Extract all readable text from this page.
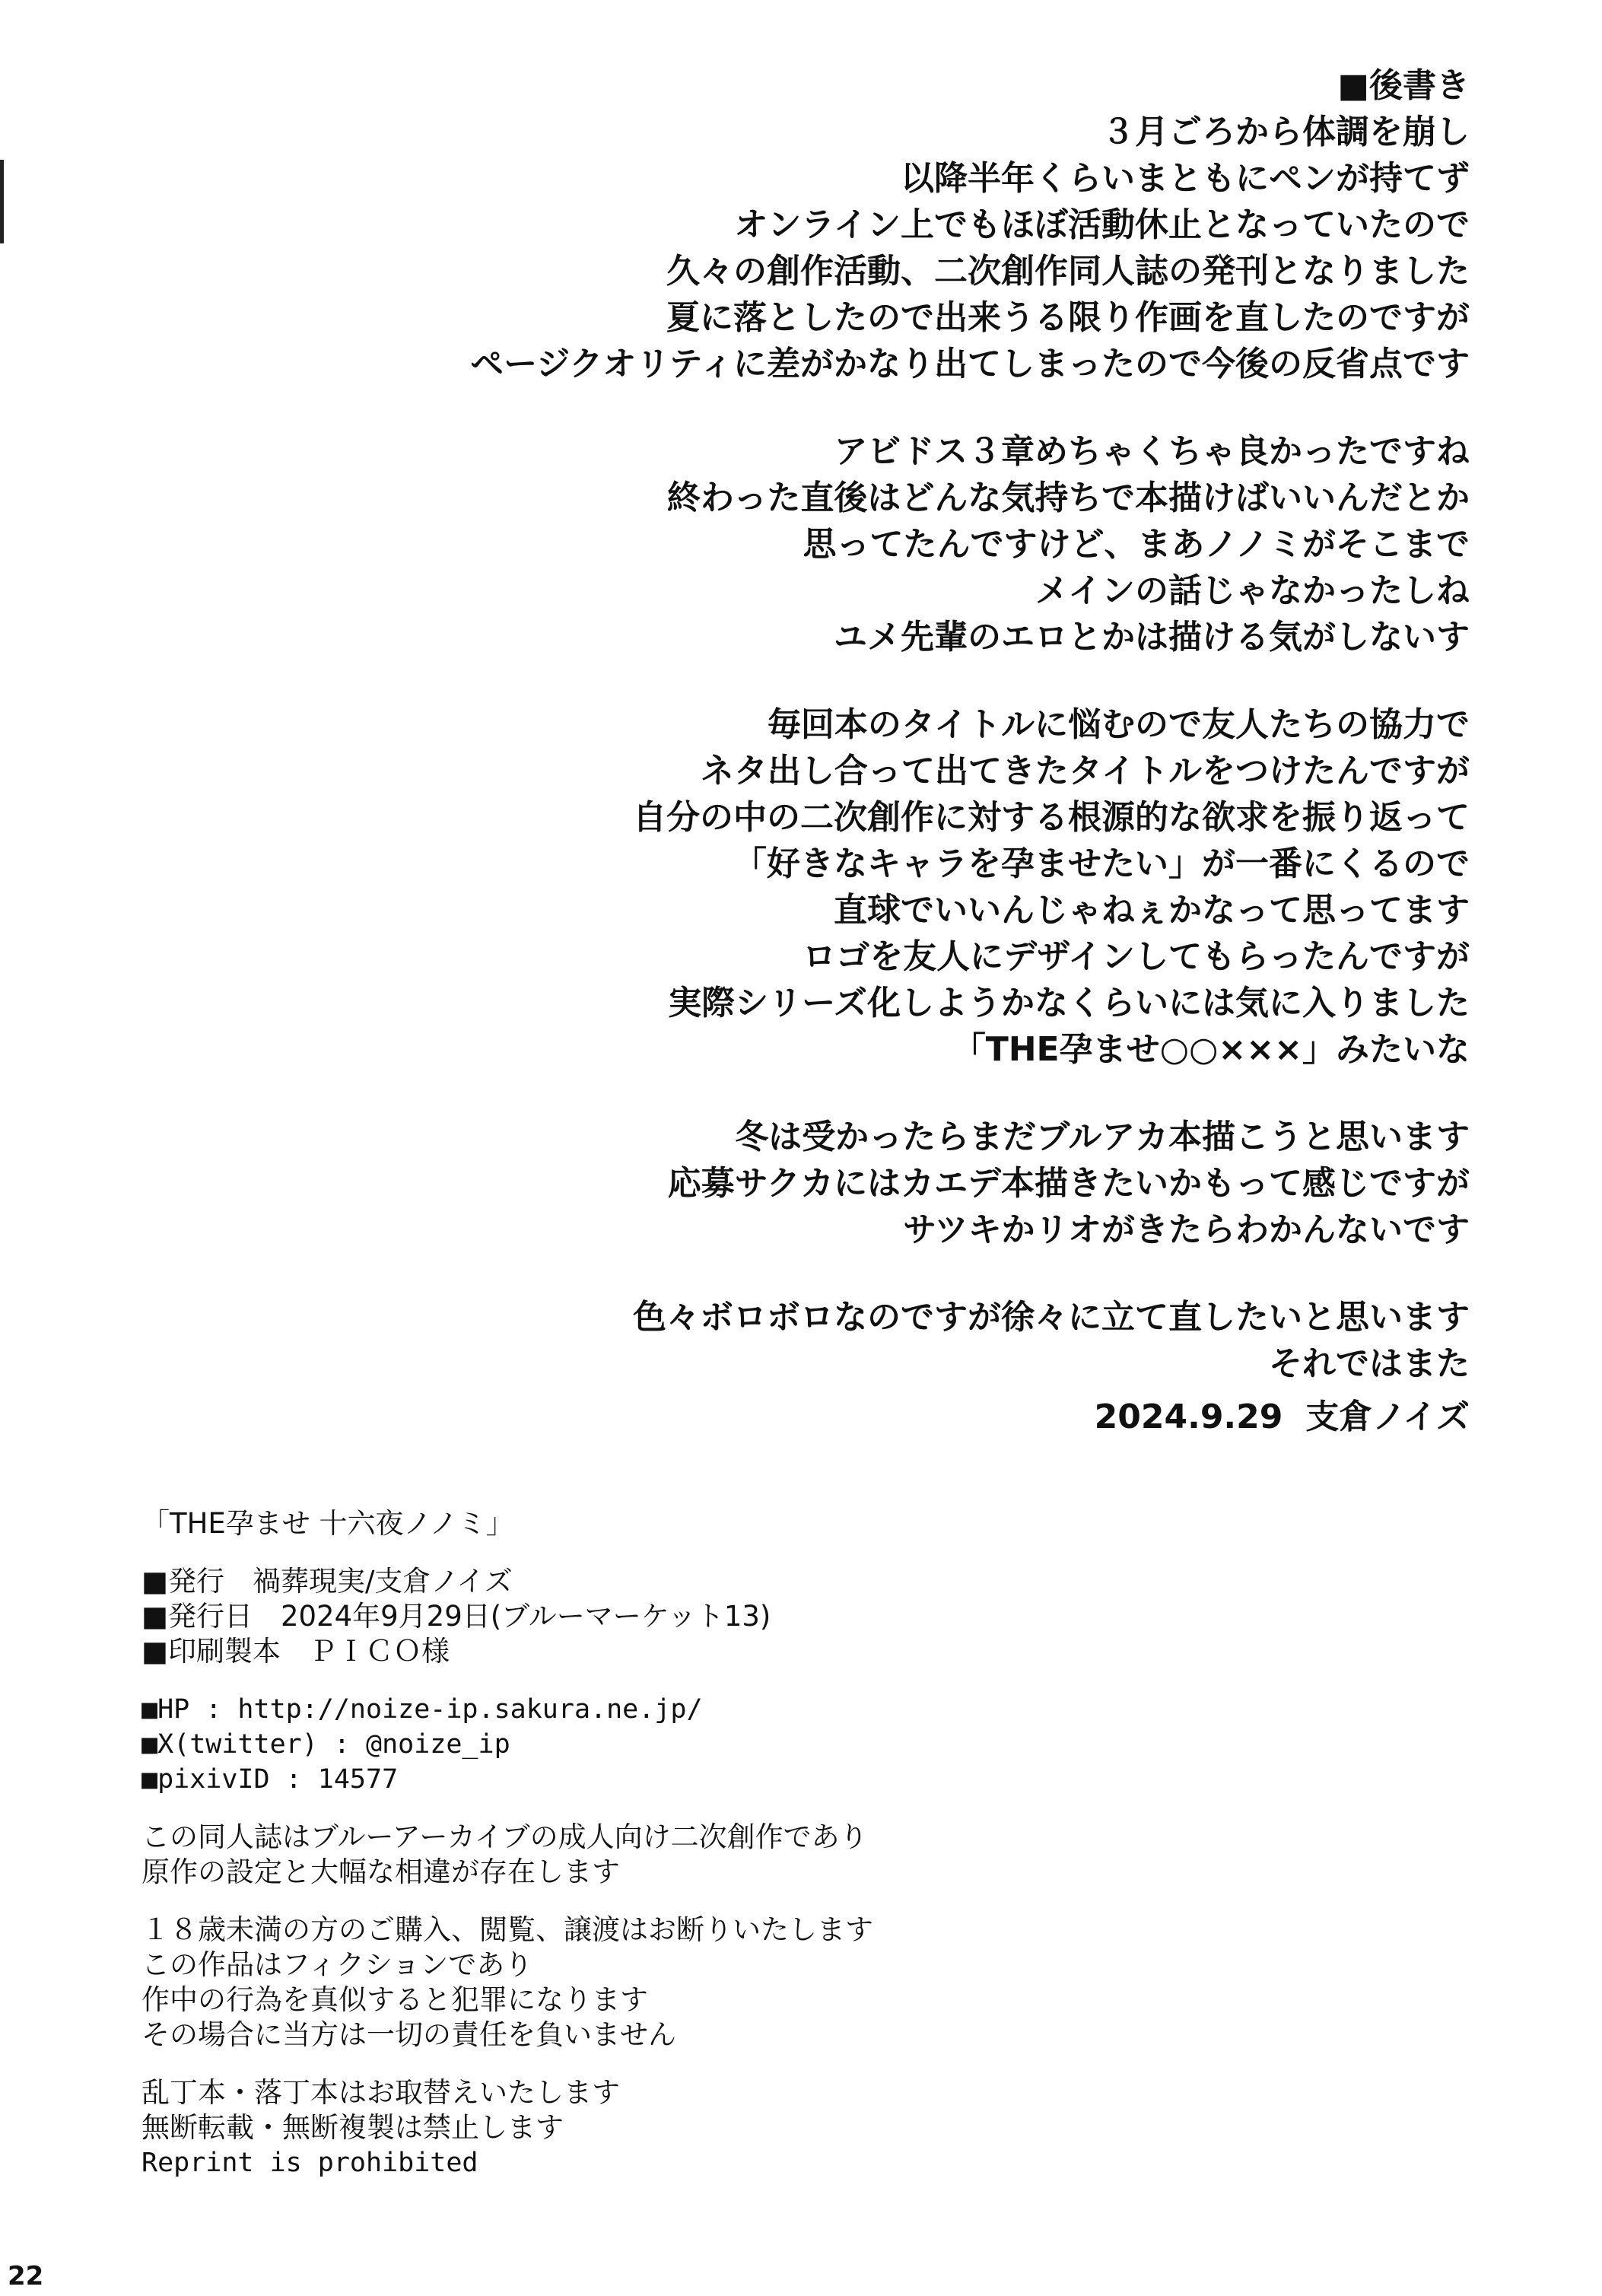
■後書き
３月ごろから体調を崩し
以降半年くらいまともにペンが持てず
オンライン上でもほぼ活動休止となっていたので
久々の創作活動、二次創作同人誌の発刊となりました
夏に落としたので出来うる限り作画を直したのですが
ページクオリティに差がかなり出てしまったので今後の反省点です
アビドス３章めちゃくちゃ良かったですね
終わった直後はどんな気持ちで本描けばいいんだとか
思ってたんですけど、まあノノミがそこまで
メインの話じゃなかったしね
ユメ先輩のエロとかは描ける気がしないす
毎回本のタイトルに悩むので友人たちの協力で
ネタ出し合って出てきたタイトルをつけたんですが
自分の中の二次創作に対する根源的な欲求を振り返って
「好きなキャラを孕ませたい」が一番にくるので
直球でいいんじゃねぇかなって思ってます
ロゴを友人にデザインしてもらったんですが
実際シリーズ化しようかなくらいには気に入りました
「THE孕ませ○○×××」みたいな
冬は受かったらまだブルアカ本描こうと思います
応募サクカにはカエデ本描きたいかもって感じですが
サツキかリオがきたらわかんないです
色々ボロボロなのですが徐々に立て直したいと思います
それではまた
2024.9.29 支倉ノイズ
「THE孕ませ 十六夜ノノミ」
■発行　禍葬現実/支倉ノイズ
■発行日　2024年9月29日(ブルーマーケット13)
■印刷製本　ＰＩＣＯ様
■HP : http://noize-ip.sakura.ne.jp/
■X(twitter) : @noize_ip
■pixivID : 14577
この同人誌はブルーアーカイブの成人向け二次創作であり
原作の設定と大幅な相違が存在します
１８歳未満の方のご購入、閲覧、譲渡はお断りいたします
この作品はフィクションであり
作中の行為を真似すると犯罪になります
その場合に当方は一切の責任を負いません
乱丁本・落丁本はお取替えいたします
無断転載・無断複製は禁止します
Reprint is prohibited
22
